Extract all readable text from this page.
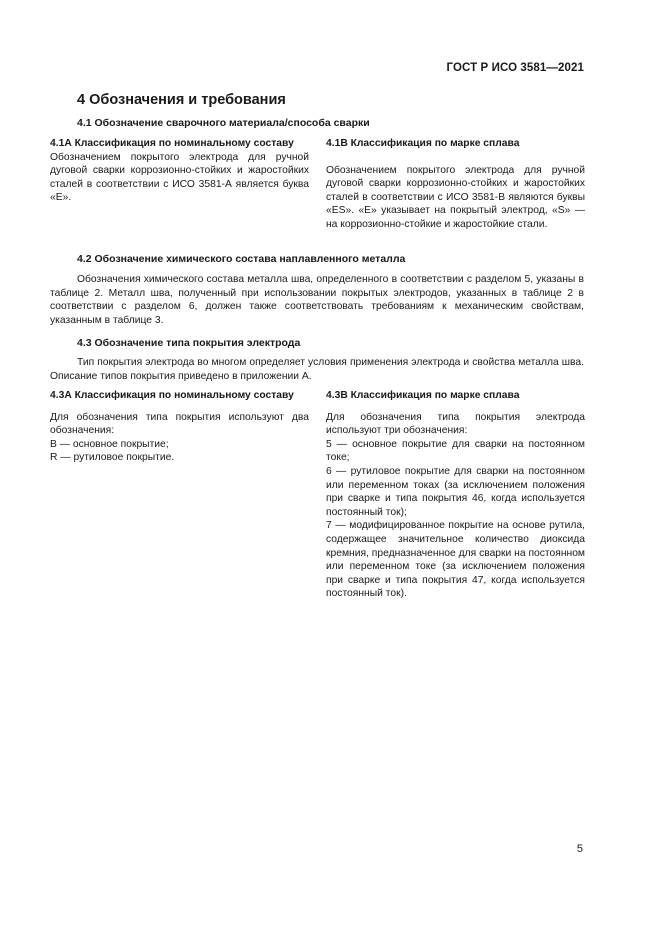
ГОСТ Р ИСО 3581—2021
4 Обозначения и требования
4.1 Обозначение сварочного материала/способа сварки

4.1А Классификация по номинальному составу

Обозначением покрытого электрода для ручной дуговой сварки коррозионно-стойких и жаростойких сталей в соответствии с ИСО 3581-А является буква «Е».

4.1В Классификация по марке сплава

Обозначением покрытого электрода для ручной дуговой сварки коррозионно-стойких и жаростойких сталей в соответствии с ИСО 3581-В являются буквы «ES». «Е» указывает на покрытый электрод, «S» — на коррозионно-стойкие и жаростойкие стали.

4.2 Обозначение химического состава наплавленного металла
Обозначения химического состава металла шва, определенного в соответствии с разделом 5, указаны в таблице 2. Металл шва, полученный при использовании покрытых электродов, указанных в таблице 2 в соответствии с разделом 6, должен также соответствовать требованиям к механическим свойствам, указанным в таблице 3.
4.3 Обозначение типа покрытия электрода
Тип покрытия электрода во многом определяет условия применения электрода и свойства металла шва. Описание типов покрытия приведено в приложении А.

4.3А Классификация по номинальному составу

Для обозначения типа покрытия используют два обозначения:

В — основное покрытие;

R — рутиловое покрытие.

4.3В Классификация по марке сплава

Для обозначения типа покрытия электрода используют три обозначения:

5 — основное покрытие для сварки на постоянном токе;

6 — рутиловое покрытие для сварки на постоянном или переменном токах (за исключением положения при сварке и типа покрытия 46, когда используется постоянный ток);

7 — модифицированное покрытие на основе рутила, содержащее значительное количество диоксида кремния, предназначенное для сварки на постоянном или переменном токе (за исключением положения при сварке и типа покрытия 47, когда используется постоянный ток).

5
